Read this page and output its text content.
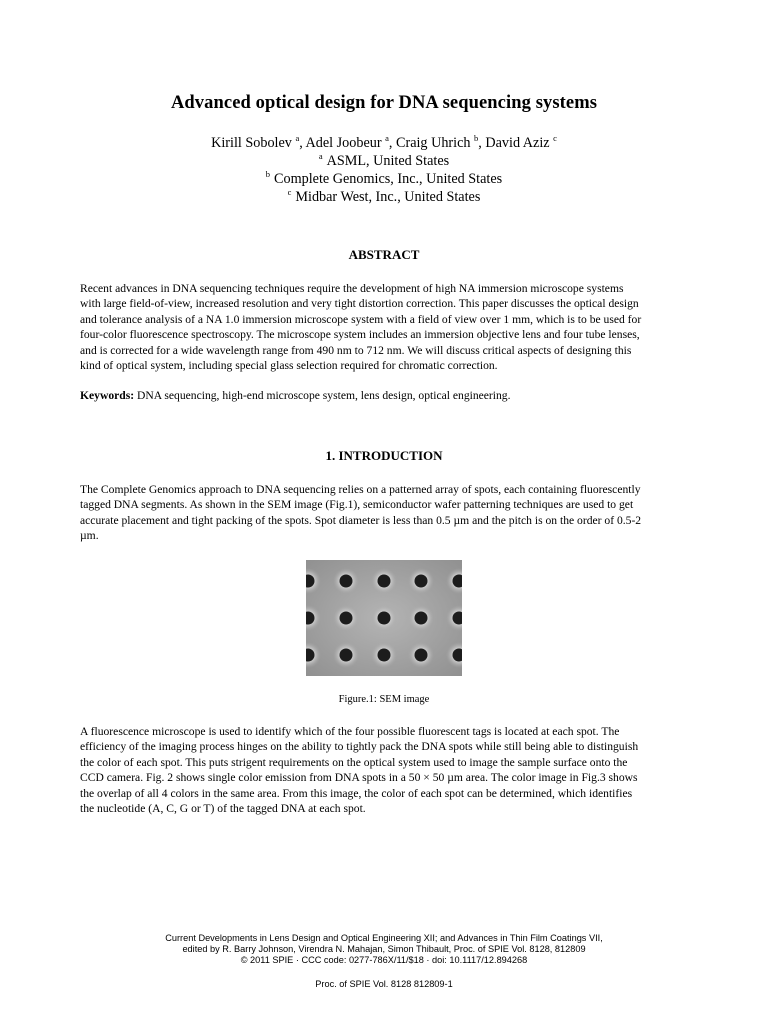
Advanced optical design for DNA sequencing systems
Kirill Sobolev $^a$, Adel Joobeur $^a$, Craig Uhrich $^b$, David Aziz $^c$
$^a$ ASML, United States
$^b$ Complete Genomics, Inc., United States
$^c$ Midbar West, Inc., United States
ABSTRACT
Recent advances in DNA sequencing techniques require the development of high NA immersion microscope systems
with large field-of-view, increased resolution and very tight distortion correction. This paper discusses the optical design
and tolerance analysis of a NA 1.0 immersion microscope system with a field of view over 1 mm, which is to be used for
four-color fluorescence spectroscopy. The microscope system includes an immersion objective lens and four tube lenses,
and is corrected for a wide wavelength range from 490 nm to 712 nm. We will discuss critical aspects of designing this
kind of optical system, including special glass selection required for chromatic correction.
Keywords: DNA sequencing, high-end microscope system, lens design, optical engineering.
1. INTRODUCTION
The Complete Genomics approach to DNA sequencing relies on a patterned array of spots, each containing fluorescently
tagged DNA segments. As shown in the SEM image (Fig.1), semiconductor wafer patterning techniques are used to get
accurate placement and tight packing of the spots. Spot diameter is less than 0.5 µm and the pitch is on the order of 0.5-2
µm.
Figure.1: SEM image
A fluorescence microscope is used to identify which of the four possible fluorescent tags is located at each spot. The
efficiency of the imaging process hinges on the ability to tightly pack the DNA spots while still being able to distinguish
the color of each spot. This puts strigent requirements on the optical system used to image the sample surface onto the
CCD camera. Fig. 2 shows single color emission from DNA spots in a 50 × 50 µm area. The color image in Fig.3 shows
the overlap of all 4 colors in the same area. From this image, the color of each spot can be determined, which identifies
the nucleotide (A, C, G or T) of the tagged DNA at each spot.
Current Developments in Lens Design and Optical Engineering XII; and Advances in Thin Film Coatings VII,
edited by R. Barry Johnson, Virendra N. Mahajan, Simon Thibault, Proc. of SPIE Vol. 8128, 812809
© 2011 SPIE · CCC code: 0277-786X/11/$18 · doi: 10.1117/12.894268
Proc. of SPIE Vol. 8128 812809-1
